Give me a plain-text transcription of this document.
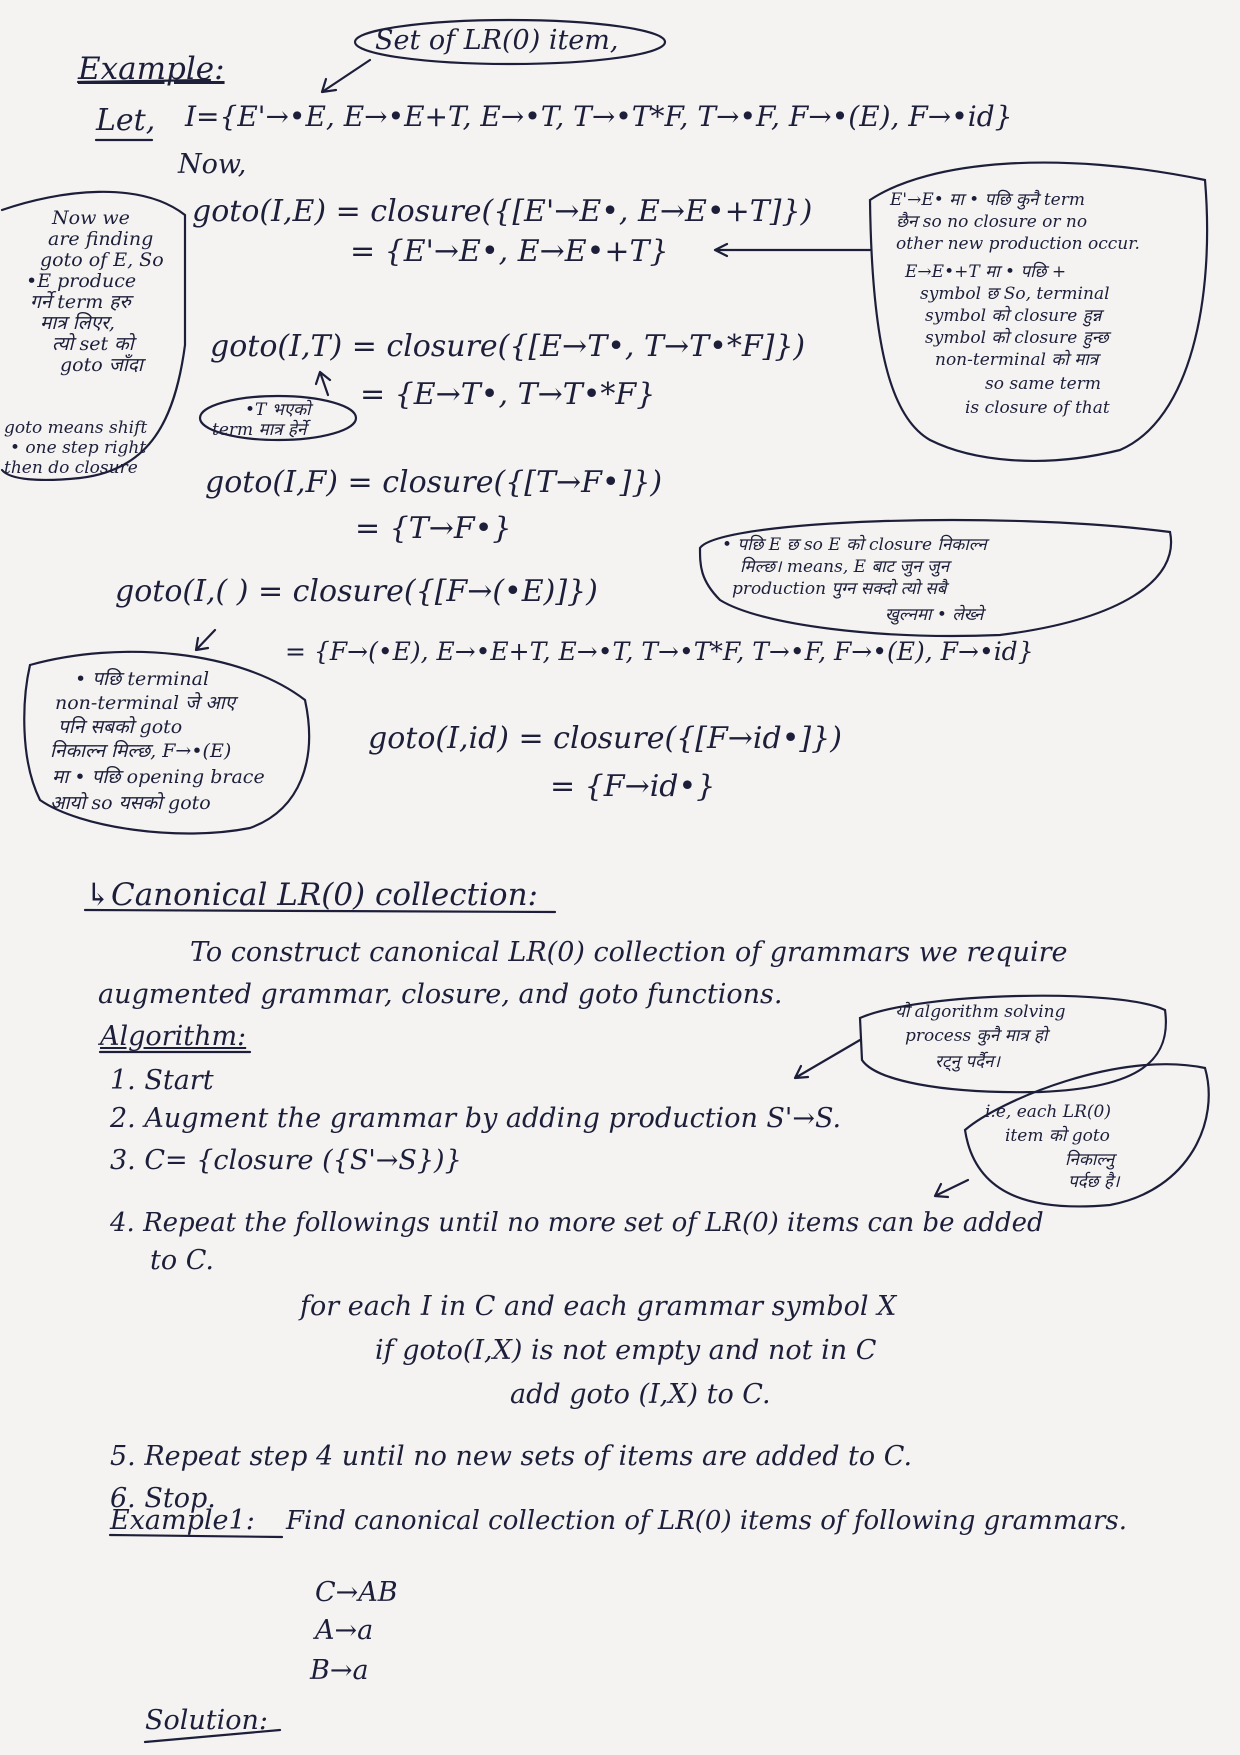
Example:
Set of LR(0) item,
Let, I={E'→•E, E→•E+T, E→•T, T→•T*F, T→•F, F→•(E), F→•id}
Now,
Now we
are finding
goto of E, So
•E produce
गर्ने term हरु
मात्र लिएर,
त्यो set को
goto जाँदा
goto means shift
• one step right
then do closure
goto(I,E) = closure({[E'→E•, E→E•+T]})
= {E'→E•, E→E•+T}
E'→E• मा • पछि कुनै term
छैन so no closure or no
other new production occur.
E→E•+T मा • पछि +
symbol छ So, terminal
symbol को closure हुन्न
symbol को closure हुन्छ
non-terminal को मात्र
so same term
is closure of that
goto(I,T) = closure({[E→T•, T→T•*F]})
= {E→T•, T→T•*F}
•T भएको
term मात्र हेर्ने
goto(I,F) = closure({[T→F•]})
= {T→F•}
goto(I,( ) = closure({[F→(•E)]})
• पछि E छ so E को closure निकाल्न
मिल्छ। means, E बाट जुन जुन
production पुग्न सक्दो त्यो सबै
खुल्नमा • लेख्ने
= {F→(•E), E→•E+T, E→•T, T→•T*F, T→•F, F→•(E), F→•id}
• पछि terminal
non-terminal जे आए
पनि सबको goto
निकाल्न मिल्छ, F→•(E)
मा • पछि opening brace
आयो so यसको goto
goto(I,id) = closure({[F→id•]})
= {F→id•}
↳Canonical LR(0) collection:
To construct canonical LR(0) collection of grammars we require
augmented grammar, closure, and goto functions.
Algorithm:
यो algorithm solving
process कुनै मात्र हो
रट्नु पर्दैन।
1. Start
2. Augment the grammar by adding production S'→S.
3. C= {closure ({S'→S})}
i.e, each LR(0)
item को goto
निकाल्नु
पर्दछ है।
4. Repeat the followings until no more set of LR(0) items can be added
to C.
for each I in C and each grammar symbol X
if goto(I,X) is not empty and not in C
add goto (I,X) to C.
5. Repeat step 4 until no new sets of items are added to C.
6. Stop.
Example1: Find canonical collection of LR(0) items of following grammars.
C→AB
A→a
B→a
Solution:
